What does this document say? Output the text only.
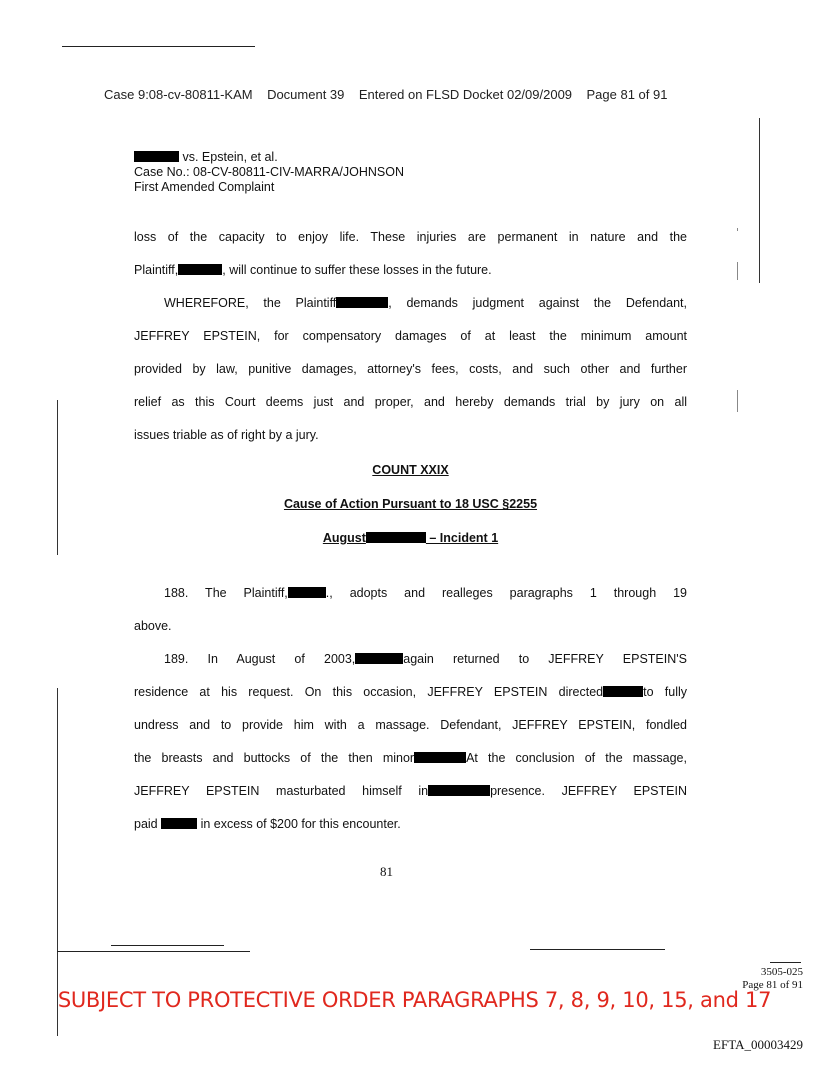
Case 9:08-cv-80811-KAM Document 39 Entered on FLSD Docket 02/09/2009 Page 81 of 91
vs. Epstein, et al.
Case No.: 08-CV-80811-CIV-MARRA/JOHNSON
First Amended Complaint
loss of the capacity to enjoy life. These injuries are permanent in nature and the
Plaintiff,	, will continue to suffer these losses in the future.
WHEREFORE, the Plaintiff	, demands judgment against the Defendant,
JEFFREY EPSTEIN, for compensatory damages of at least the minimum amount
provided by law, punitive damages, attorney's fees, costs, and such other and further
relief as this Court deems just and proper, and hereby demands trial by jury on all
issues triable as of right by a jury.
COUNT XXIX
Cause of Action Pursuant to 18 USC §2255
August	– Incident 1
188. The Plaintiff,	., adopts and realleges paragraphs 1 through 19
above.
189. In August of 2003,	again returned to JEFFREY EPSTEIN'S
residence at his request. On this occasion, JEFFREY EPSTEIN directed	to fully
undress and to provide him with a massage. Defendant, JEFFREY EPSTEIN, fondled
the breasts and buttocks of the then minor	At the conclusion of the massage,
JEFFREY EPSTEIN masturbated himself in	presence. JEFFREY EPSTEIN
paid	in excess of $200 for this encounter.
81
3505-025
Page 81 of 91
SUBJECT TO PROTECTIVE ORDER PARAGRAPHS 7, 8, 9, 10, 15, and 17
EFTA_00003429
